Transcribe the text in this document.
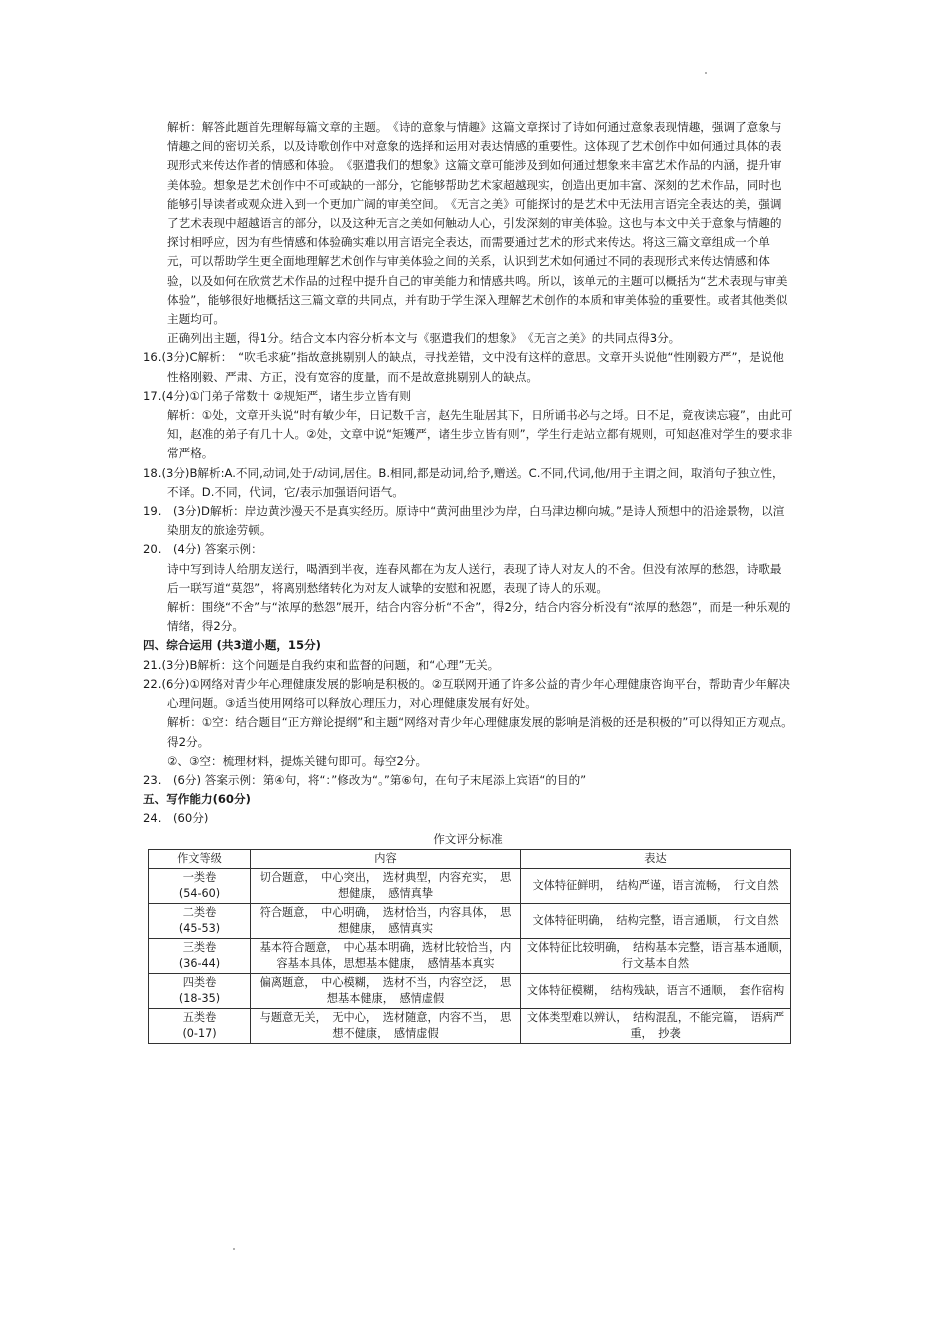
解析：解答此题首先理解每篇文章的主题。　《诗的意象与情趣》这篇文章探讨了诗如何通过意象表现情趣，强调了意象与情趣之间的密切关系，以及诗歌创作中对意象的选择和运用对表达情感的重要性。这体现了艺术创作中如何通过具体的表现形式来传达作者的情感和体验。　《驱遣我们的想象》这篇文章可能涉及到如何通过想象来丰富艺术作品的内涵，提升审美体验。想象是艺术创作中不可或缺的一部分，它能够帮助艺术家超越现实，创造出更加丰富、深刻的艺术作品，同时也能够引导读者或观众进入到一个更加广阔的审美空间。　《无言之美》可能探讨的是艺术中无法用言语完全表达的美，强调了艺术表现中超越语言的部分，以及这种无言之美如何触动人心，引发深刻的审美体验。这也与本文中关于意象与情趣的探讨相呼应，因为有些情感和体验确实难以用言语完全表达，而需要通过艺术的形式来传达。将这三篇文章组成一个单元，可以帮助学生更全面地理解艺术创作与审美体验之间的关系，认识到艺术如何通过不同的表现形式来传达情感和体验，以及如何在欣赏艺术作品的过程中提升自己的审美能力和情感共鸣。所以，该单元的主题可以概括为“艺术表现与审美体验”，能够很好地概括这三篇文章的共同点，并有助于学生深入理解艺术创作的本质和审美体验的重要性。或者其他类似主题均可。

正确列出主题，得1分。结合文本内容分析本文与《驱遣我们的想象》　《无言之美》的共同点得3分。

16.(3分)C解析：　“吹毛求疵”指故意挑剔别人的缺点，寻找差错，文中没有这样的意思。文章开头说他“性刚毅方严”，是说他性格刚毅、严肃、方正，没有宽容的度量，而不是故意挑剔别人的缺点。

17.(4分)①门弟子常数十 ②规矩严，诸生步立皆有则

解析：①处，文章开头说“时有敏少年，日记数千言，赵先生耻居其下，日所诵书必与之埒。日不足，竟夜读忘寝”，由此可知，赵准的弟子有几十人。②处，文章中说“矩矱严，诸生步立皆有则”，学生行走站立都有规则，可知赵准对学生的要求非常严格。

18.(3分)B解析:A.不同,动词,处于/动词,居住。B.相同,都是动词,给予,赠送。C.不同,代词,他/用于主谓之间，取消句子独立性，不译。D.不同，代词，它/表示加强语问语气。

19.　(3分)D解析：岸边黄沙漫天不是真实经历。原诗中“黄河曲里沙为岸，白马津边柳向城。”是诗人预想中的沿途景物，以渲染朋友的旅途劳顿。

20.　(4分) 答案示例：

诗中写到诗人给朋友送行，喝酒到半夜，连春风都在为友人送行，表现了诗人对友人的不舍。但没有浓厚的愁怨，诗歌最后一联写道“莫怨”，将离别愁绪转化为对友人诚挚的安慰和祝愿，表现了诗人的乐观。

解析：围绕“不舍”与“浓厚的愁怨”展开，结合内容分析“不舍”，得2分，结合内容分析没有“浓厚的愁怨”，而是一种乐观的情绪，得2分。

四、综合运用 (共3道小题，15分)

21.(3分)B解析：这个问题是自我约束和监督的问题，和“心理”无关。

22.(6分)①网络对青少年心理健康发展的影响是积极的。②互联网开通了许多公益的青少年心理健康咨询平台，帮助青少年解决心理问题。③适当使用网络可以释放心理压力，对心理健康发展有好处。

解析：①空：结合题目“正方辩论提纲”和主题“网络对青少年心理健康发展的影响是消极的还是积极的”可以得知正方观点。得2分。

②、③空：梳理材料，提炼关键句即可。每空2分。

23.　(6分) 答案示例：第④句，将“：”修改为“。”第⑥句，在句子末尾添上宾语“的目的”

五、写作能力(60分)

24.　(60分)

作文评分标准

作文等级	内容	表达

一类卷
(54-60)	切合题意，　中心突出，　选材典型，内容充实，　思想健康，　感情真挚	文体特征鲜明，　结构严谨，语言流畅，　行文自然

二类卷
(45-53)	符合题意，　中心明确，　选材恰当，内容具体，　思想健康，　感情真实	文体特征明确，　结构完整，语言通顺，　行文自然

三类卷
(36-44)	基本符合题意，　中心基本明确，选材比较恰当，内容基本具体，思想基本健康，　感情基本真实	文体特征比较明确，　结构基本完整，语言基本通顺，　行文基本自然

四类卷
(18-35)	偏离题意，　中心模糊，　选材不当，内容空泛，　思想基本健康，　感情虚假	文体特征模糊，　结构残缺，语言不通顺，　套作宿构

五类卷
(0-17)	与题意无关，　无中心，　选材随意，内容不当，　思想不健康，　感情虚假	文体类型难以辨认，　结构混乱，不能完篇，　语病严重，　抄袭
